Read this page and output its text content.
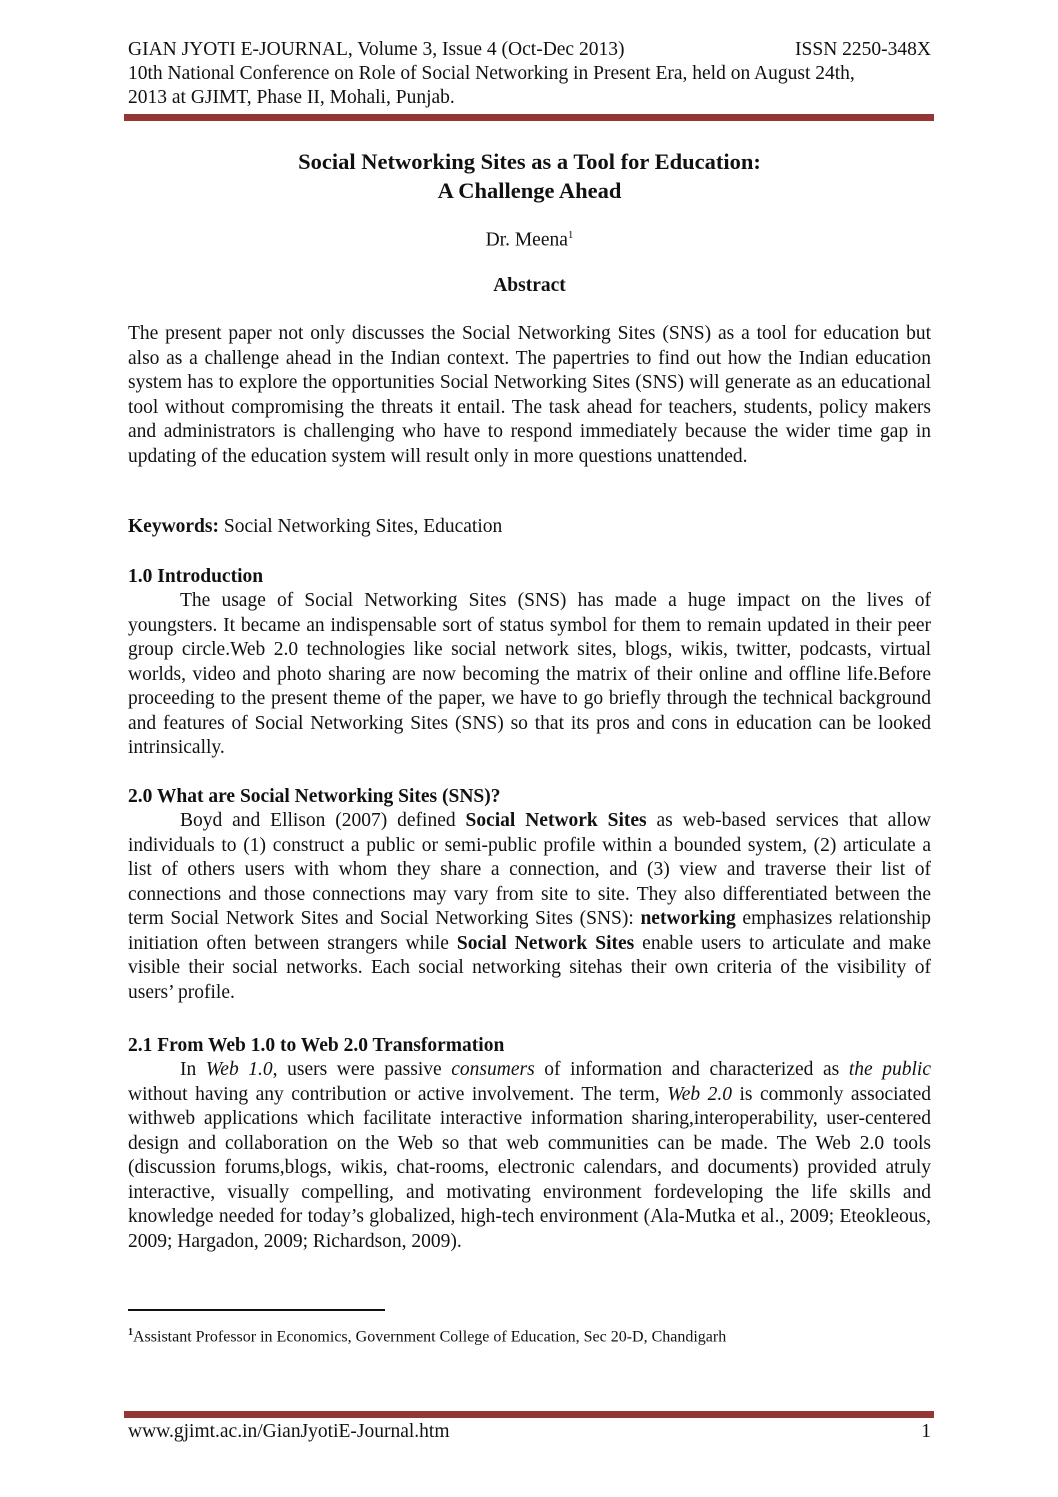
GIAN JYOTI E-JOURNAL, Volume 3, Issue 4 (Oct-Dec 2013)	ISSN 2250-348X
10th National Conference on Role of Social Networking in Present Era, held on August 24th,
2013 at GJIMT, Phase II, Mohali, Punjab.
Social Networking Sites as a Tool for Education:
A Challenge Ahead
Dr. Meena$^1$
Abstract
The present paper not only discusses the Social Networking Sites (SNS) as a tool for education but also as a challenge ahead in the Indian context. The papertries to find out how the Indian education system has to explore the opportunities Social Networking Sites (SNS) will generate as an educational tool without compromising the threats it entail. The task ahead for teachers, students, policy makers and administrators is challenging who have to respond immediately because the wider time gap in updating of the education system will result only in more questions unattended.
Keywords: Social Networking Sites, Education
1.0 Introduction
The usage of Social Networking Sites (SNS) has made a huge impact on the lives of youngsters. It became an indispensable sort of status symbol for them to remain updated in their peer group circle.Web 2.0 technologies like social network sites, blogs, wikis, twitter, podcasts, virtual worlds, video and photo sharing are now becoming the matrix of their online and offline life.Before proceeding to the present theme of the paper, we have to go briefly through the technical background and features of Social Networking Sites (SNS) so that its pros and cons in education can be looked intrinsically.
2.0 What are Social Networking Sites (SNS)?
Boyd and Ellison (2007) defined Social Network Sites as web-based services that allow individuals to (1) construct a public or semi-public profile within a bounded system, (2) articulate a list of others users with whom they share a connection, and (3) view and traverse their list of connections and those connections may vary from site to site. They also differentiated between the term Social Network Sites and Social Networking Sites (SNS): networking emphasizes relationship initiation often between strangers while Social Network Sites enable users to articulate and make visible their social networks. Each social networking sitehas their own criteria of the visibility of users’ profile.
2.1 From Web 1.0 to Web 2.0 Transformation
In Web 1.0, users were passive consumers of information and characterized as the public without having any contribution or active involvement. The term, Web 2.0 is commonly associated withweb applications which facilitate interactive information sharing,interoperability, user-centered design and collaboration on the Web so that web communities can be made. The Web 2.0 tools (discussion forums,blogs, wikis, chat-rooms, electronic calendars, and documents) provided atruly interactive, visually compelling, and motivating environment fordeveloping the life skills and knowledge needed for today’s globalized, high-tech environment (Ala-Mutka et al., 2009; Eteokleous, 2009; Hargadon, 2009; Richardson, 2009).
$^1$Assistant Professor in Economics, Government College of Education, Sec 20-D, Chandigarh
www.gjimt.ac.in/GianJyotiE-Journal.htm	1
